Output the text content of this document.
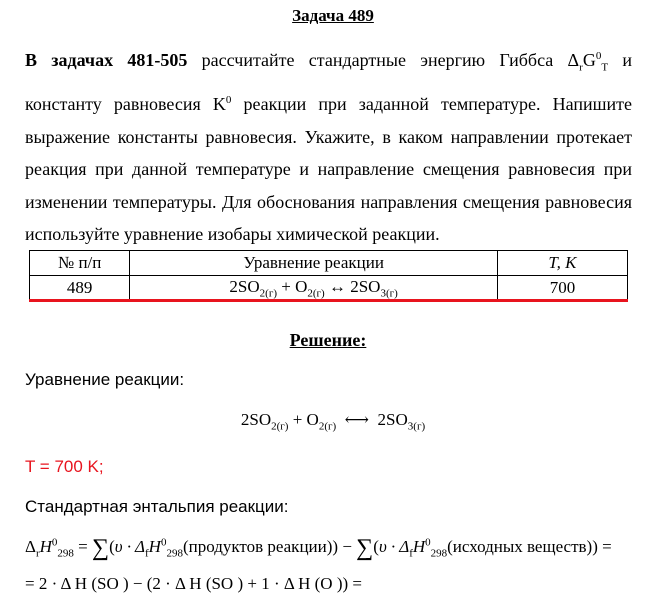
Задача 489
В задачах 481-505 рассчитайте стандартные энергию Гиббса $\Delta_rG^0_T$ и константу равновесия $K^0$ реакции при заданной температуре. Напишите выражение константы равновесия. Укажите, в каком направлении протекает реакция при данной температуре и направление смещения равновесия при изменении температуры. Для обоснования направления смещения равновесия используйте уравнение изобары химической реакции.
№ п/п	Уравнение реакции	T, K
489	$2SO_{2(г)} + O_{2(г)}$ ↔ $2SO_{3(г)}$	700
Решение:
Уравнение реакции:
$2SO_{2(г)} + O_{2(г)}$ ⟷ $2SO_{3(г)}$
T = 700 K;
Стандартная энтальпия реакции:
$\Delta_rH^0_{298} = \sum(\upsilon$ · $\Delta_fH^0_{298}(продуктов$ реакции)) − $\sum(\upsilon \cdot \Delta_fH^0_{298}(исходных$ веществ)) =
= 2 · Δ H (SO ) − (2 · Δ H (SO ) + 1 · Δ H (O )) =
